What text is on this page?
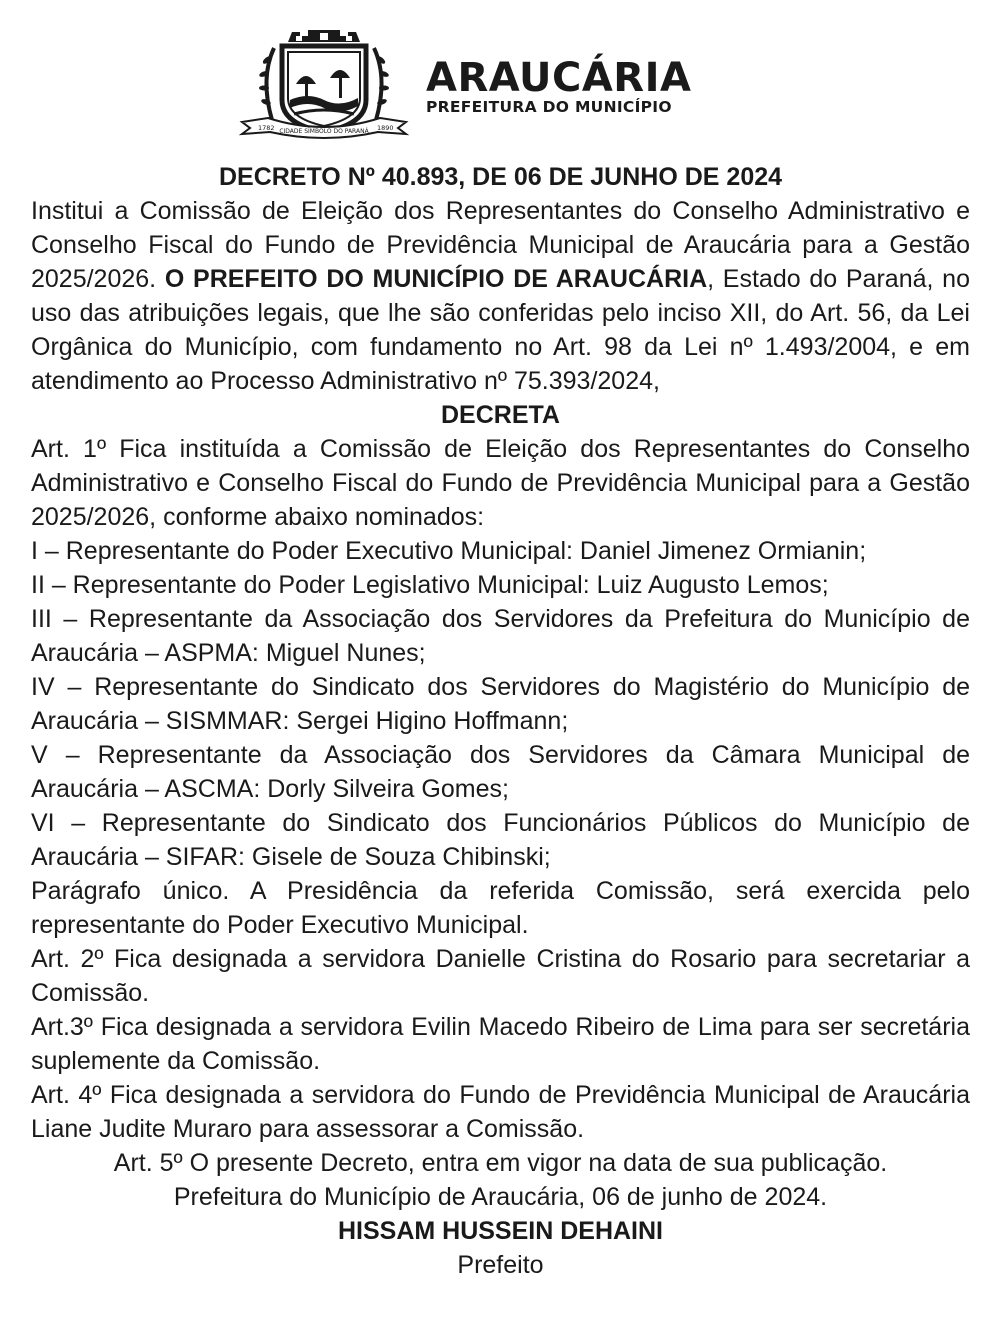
1782	1890
CIDADE SÍMBOLO DO PARANÁ
ARAUCÁRIA
PREFEITURA DO MUNICÍPIO
DECRETO Nº 40.893, DE 06 DE JUNHO DE 2024

Institui a Comissão de Eleição dos Representantes do Conselho Administrativo e Conselho Fiscal do Fundo de Previdência Municipal de Araucária para a Gestão 2025/2026. O PREFEITO DO MUNICÍPIO DE ARAUCÁRIA, Estado do Paraná, no uso das atribuições legais, que lhe são conferidas pelo inciso XII, do Art. 56, da Lei Orgânica do Município, com fundamento no Art. 98 da Lei nº 1.493/2004, e em atendimento ao Processo Administrativo nº 75.393/2024,

DECRETA

Art. 1º Fica instituída a Comissão de Eleição dos Representantes do Conselho Administrativo e Conselho Fiscal do Fundo de Previdência Municipal para a Gestão 2025/2026, conforme abaixo nominados:

I – Representante do Poder Executivo Municipal: Daniel Jimenez Ormianin;

II – Representante do Poder Legislativo Municipal: Luiz Augusto Lemos;

III – Representante da Associação dos Servidores da Prefeitura do Município de Araucária – ASPMA: Miguel Nunes;

IV – Representante do Sindicato dos Servidores do Magistério do Município de Araucária – SISMMAR: Sergei Higino Hoffmann;

V – Representante da Associação dos Servidores da Câmara Municipal de Araucária – ASCMA: Dorly Silveira Gomes;

VI – Representante do Sindicato dos Funcionários Públicos do Município de Araucária – SIFAR: Gisele de Souza Chibinski;

Parágrafo único. A Presidência da referida Comissão, será exercida pelo representante do Poder Executivo Municipal.

Art. 2º Fica designada a servidora Danielle Cristina do Rosario para secretariar a Comissão.

Art.3º Fica designada a servidora Evilin Macedo Ribeiro de Lima para ser secretária suplemente da Comissão.

Art. 4º Fica designada a servidora do Fundo de Previdência Municipal de Araucária Liane Judite Muraro para assessorar a Comissão.

Art. 5º O presente Decreto, entra em vigor na data de sua publicação.
Prefeitura do Município de Araucária, 06 de junho de 2024.
HISSAM HUSSEIN DEHAINI
Prefeito
